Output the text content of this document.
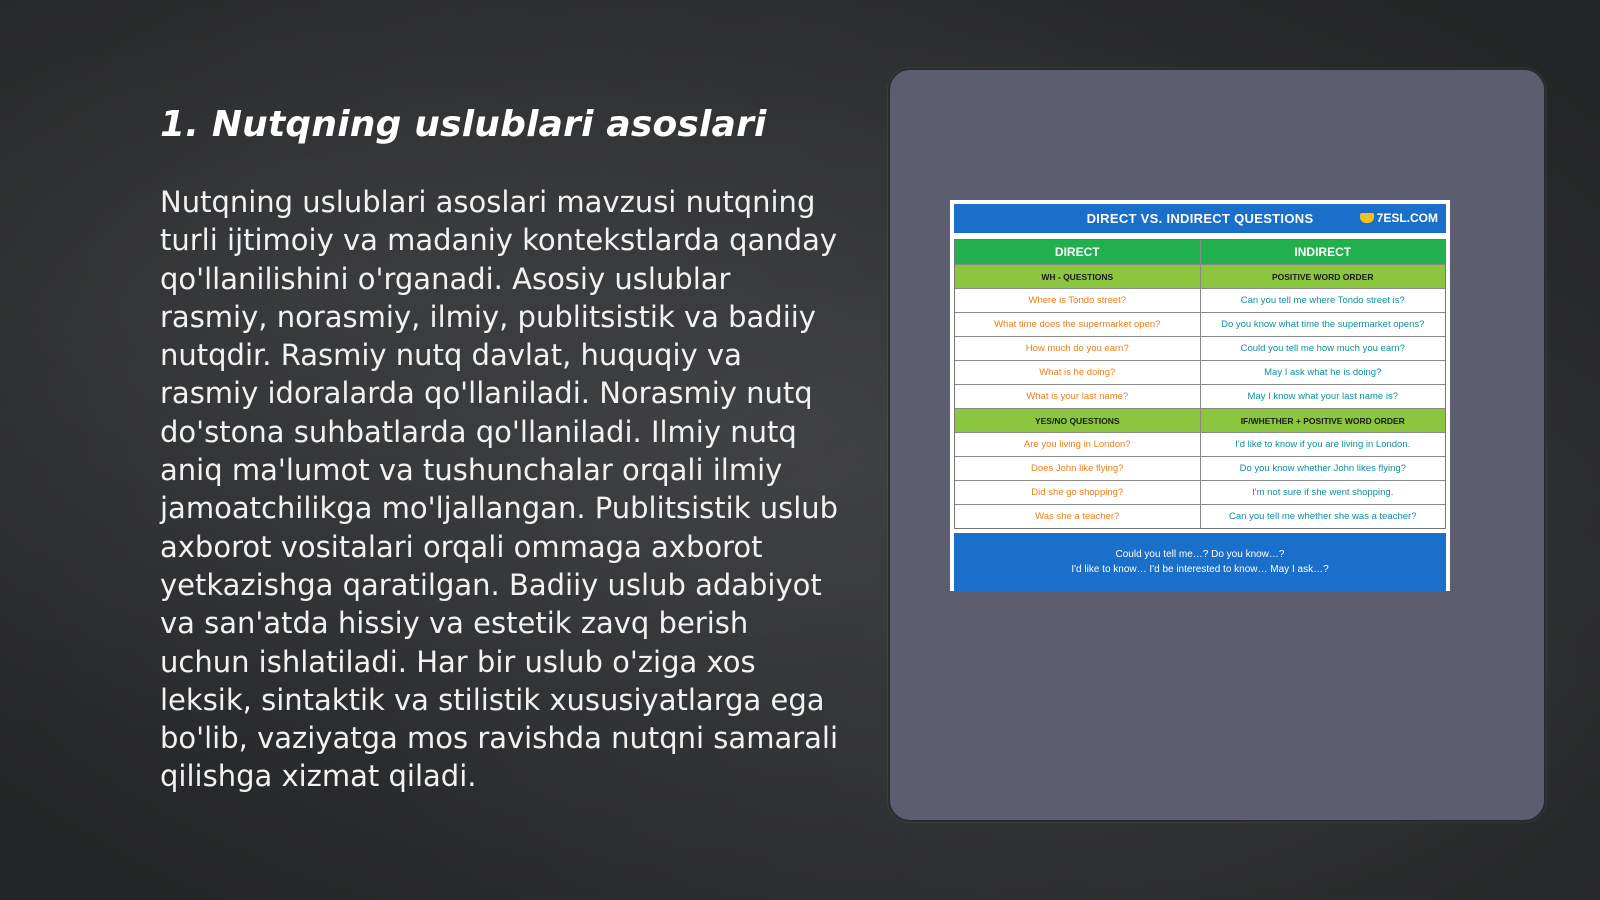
1. Nutqning uslublari asoslari

Nutqning uslublari asoslari mavzusi nutqning turli ijtimoiy va madaniy kontekstlarda qanday qo'llanilishini o'rganadi. Asosiy uslublar rasmiy, norasmiy, ilmiy, publitsistik va badiiy nutqdir. Rasmiy nutq davlat, huquqiy va rasmiy idoralarda qo'llaniladi. Norasmiy nutq do'stona suhbatlarda qo'llaniladi. Ilmiy nutq aniq ma'lumot va tushunchalar orqali ilmiy jamoatchilikga mo'ljallangan. Publitsistik uslub axborot vositalari orqali ommaga axborot yetkazishga qaratilgan. Badiiy uslub adabiyot va san'atda hissiy va estetik zavq berish uchun ishlatiladi. Har bir uslub o'ziga xos leksik, sintaktik va stilistik xususiyatlarga ega bo'lib, vaziyatga mos ravishda nutqni samarali qilishga xizmat qiladi.

DIRECT VS. INDIRECT QUESTIONS	7ESL.COM
DIRECT	INDIRECT
WH - QUESTIONS	POSITIVE WORD ORDER
Where is Tondo street?	Can you tell me where Tondo street is?
What time does the supermarket open?	Do you know what time the supermarket opens?
How much do you earn?	Could you tell me how much you earn?
What is he doing?	May I ask what he is doing?
What is your last name?	May I know what your last name is?
YES/NO QUESTIONS	IF/WHETHER + POSITIVE WORD ORDER
Are you living in London?	I'd like to know if you are living in London.
Does John like flying?	Do you know whether John likes flying?
Did she go shopping?	I'm not sure if she went shopping.
Was she a teacher?	Can you tell me whether she was a teacher?
Could you tell me…? Do you know…?
I'd like to know… I'd be interested to know… May I ask…?
